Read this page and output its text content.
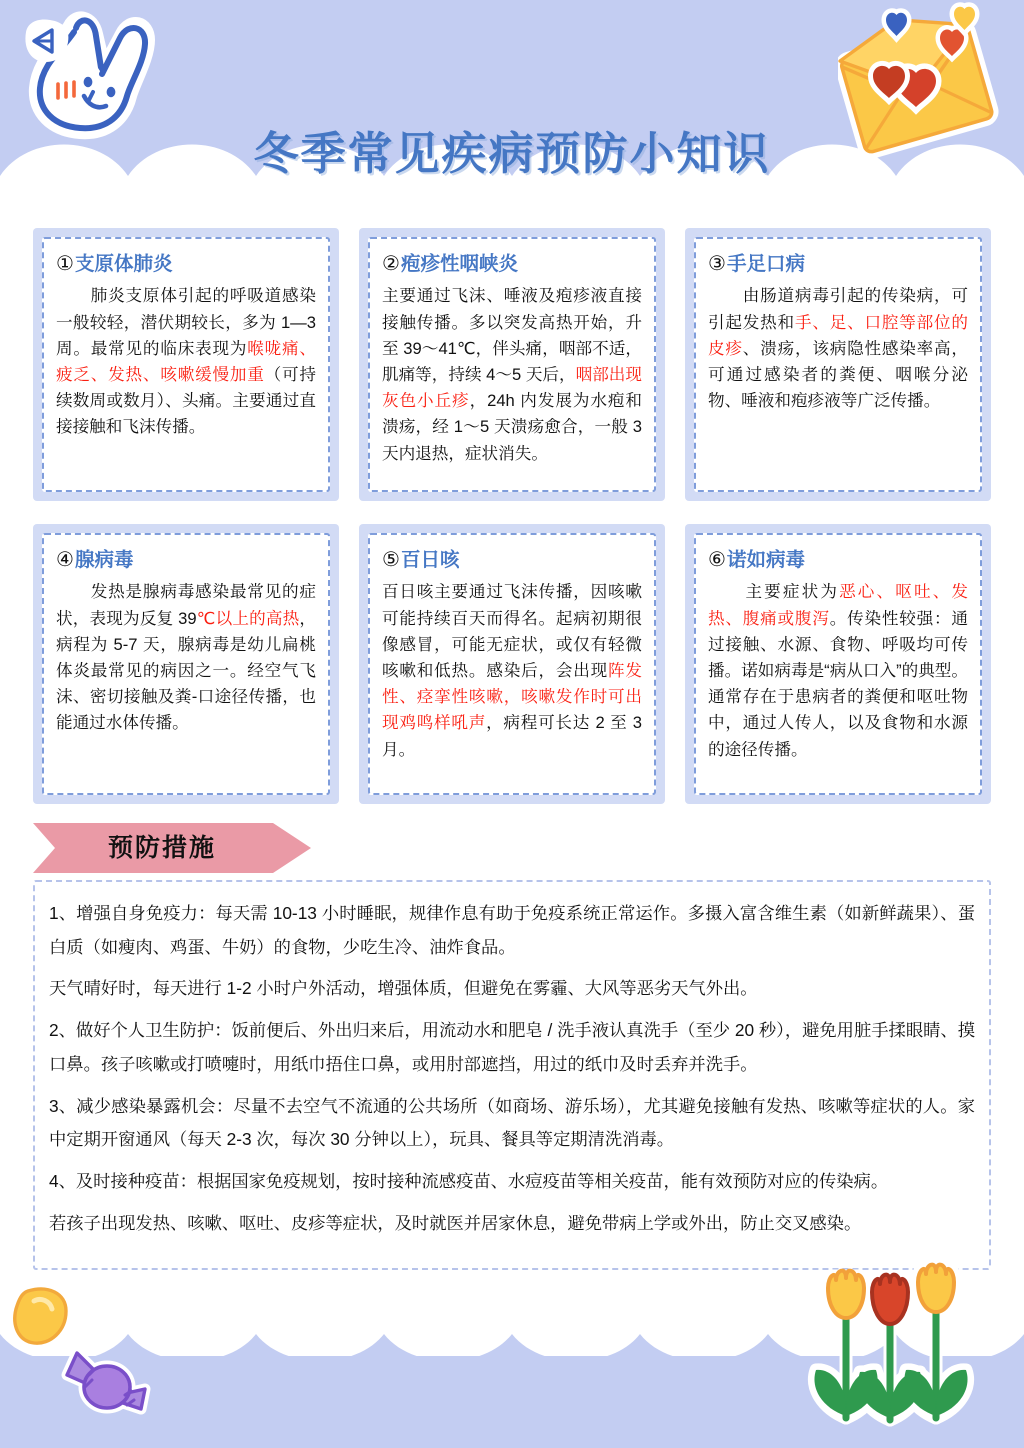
冬季常见疾病预防小知识
①支原体肺炎
　　肺炎支原体引起的呼吸道感染一般较轻，潜伏期较长，多为 1—3 周。最常见的临床表现为喉咙痛、疲乏、发热、咳嗽缓慢加重（可持续数周或数月）、头痛。主要通过直接接触和飞沫传播。
②疱疹性咽峡炎
主要通过飞沫、唾液及疱疹液直接接触传播。多以突发高热开始，升至 39～41℃，伴头痛，咽部不适，肌痛等，持续 4～5 天后，咽部出现灰色小丘疹，24h 内发展为水疱和溃疡，经 1～5 天溃疡愈合，一般 3 天内退热，症状消失。
③手足口病
　　由肠道病毒引起的传染病，可引起发热和手、足、口腔等部位的皮疹、溃疡，该病隐性感染率高，可通过感染者的粪便、咽喉分泌物、唾液和疱疹液等广泛传播。
④腺病毒
　　发热是腺病毒感染最常见的症状，表现为反复 39℃以上的高热，病程为 5-7 天，腺病毒是幼儿扁桃体炎最常见的病因之一。经空气飞沫、密切接触及粪-口途径传播，也能通过水体传播。
⑤百日咳
百日咳主要通过飞沫传播，因咳嗽可能持续百天而得名。起病初期很像感冒，可能无症状，或仅有轻微咳嗽和低热。感染后，会出现阵发性、痉挛性咳嗽，咳嗽发作时可出现鸡鸣样吼声，病程可长达 2 至 3 月。
⑥诺如病毒
　　主要症状为恶心、呕吐、发热、腹痛或腹泻。传染性较强：通过接触、水源、食物、呼吸均可传播。诺如病毒是“病从口入”的典型。通常存在于患病者的粪便和呕吐物中，通过人传人，以及食物和水源的途径传播。
预防措施

1、增强自身免疫力：每天需 10-13 小时睡眠，规律作息有助于免疫系统正常运作。多摄入富含维生素（如新鲜蔬果）、蛋白质（如瘦肉、鸡蛋、牛奶）的食物，少吃生冷、油炸食品。

天气晴好时，每天进行 1-2 小时户外活动，增强体质，但避免在雾霾、大风等恶劣天气外出。

2、做好个人卫生防护：饭前便后、外出归来后，用流动水和肥皂 / 洗手液认真洗手（至少 20 秒），避免用脏手揉眼睛、摸口鼻。孩子咳嗽或打喷嚏时，用纸巾捂住口鼻，或用肘部遮挡，用过的纸巾及时丢弃并洗手。

3、减少感染暴露机会：尽量不去空气不流通的公共场所（如商场、游乐场），尤其避免接触有发热、咳嗽等症状的人。家中定期开窗通风（每天 2-3 次，每次 30 分钟以上），玩具、餐具等定期清洗消毒。

4、及时接种疫苗：根据国家免疫规划，按时接种流感疫苗、水痘疫苗等相关疫苗，能有效预防对应的传染病。

若孩子出现发热、咳嗽、呕吐、皮疹等症状，及时就医并居家休息，避免带病上学或外出，防止交叉感染。
